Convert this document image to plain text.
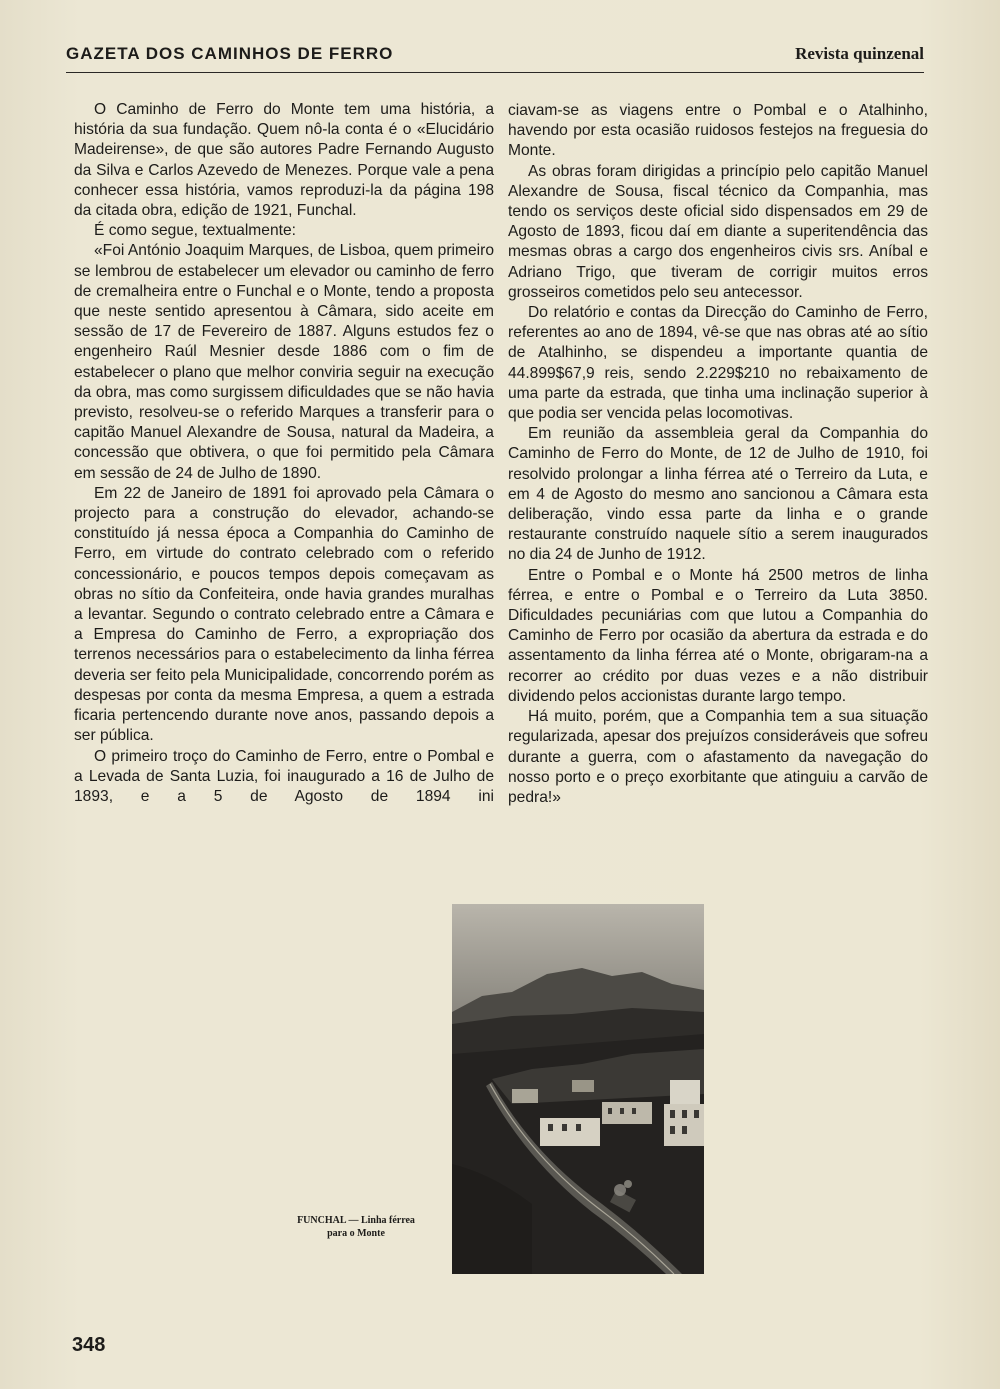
GAZETA DOS CAMINHOS DE FERRO	Revista quinzenal

O Caminho de Ferro do Monte tem uma história, a história da sua fundação. Quem nô-la conta é o «Elucidário Madeirense», de que são autores Padre Fernando Augusto da Silva e Carlos Azevedo de Menezes. Porque vale a pena conhecer essa história, vamos reproduzi-la da página 198 da citada obra, edição de 1921, Funchal.

É como segue, textualmente:

«Foi António Joaquim Marques, de Lisboa, quem primeiro se lembrou de estabelecer um elevador ou caminho de ferro de cremalheira entre o Funchal e o Monte, tendo a proposta que neste sentido apresentou à Câmara, sido aceite em sessão de 17 de Fevereiro de 1887. Alguns estudos fez o engenheiro Raúl Mesnier desde 1886 com o fim de estabelecer o plano que melhor conviria seguir na execução da obra, mas como surgissem dificuldades que se não havia previsto, resolveu-se o referido Marques a transferir para o capitão Manuel Alexandre de Sousa, natural da Madeira, a concessão que obtivera, o que foi permitido pela Câmara em sessão de 24 de Julho de 1890.

Em 22 de Janeiro de 1891 foi aprovado pela Câmara o projecto para a construção do elevador, achando-se constituído já nessa época a Companhia do Caminho de Ferro, em virtude do contrato celebrado com o referido concessionário, e poucos tempos depois começavam as obras no sítio da Confeiteira, onde havia grandes muralhas a levantar. Segundo o contrato celebrado entre a Câmara e a Empresa do Caminho de Ferro, a expropriação dos terrenos necessários para o estabelecimento da linha férrea deveria ser feito pela Municipalidade, concorrendo porém as despesas por conta da mesma Empresa, a quem a estrada ficaria pertencendo durante nove anos, passando depois a ser pública.

O primeiro troço do Caminho de Ferro, entre o Pombal e a Levada de Santa Luzia, foi inaugurado a 16 de Julho de 1893, e a 5 de Agosto de 1894 ini

ciavam-se as viagens entre o Pombal e o Atalhinho, havendo por esta ocasião ruidosos festejos na freguesia do Monte.

As obras foram dirigidas a princípio pelo capitão Manuel Alexandre de Sousa, fiscal técnico da Companhia, mas tendo os serviços deste oficial sido dispensados em 29 de Agosto de 1893, ficou daí em diante a superitendência das mesmas obras a cargo dos engenheiros civis srs. Aníbal e Adriano Trigo, que tiveram de corrigir muitos erros grosseiros cometidos pelo seu antecessor.

Do relatório e contas da Direcção do Caminho de Ferro, referentes ao ano de 1894, vê-se que nas obras até ao sítio de Atalhinho, se dispendeu a importante quantia de 44.899$67,9 reis, sendo 2.229$210 no rebaixamento de uma parte da estrada, que tinha uma inclinação superior à que podia ser vencida pelas locomotivas.

Em reunião da assembleia geral da Companhia do Caminho de Ferro do Monte, de 12 de Julho de 1910, foi resolvido prolongar a linha férrea até o Terreiro da Luta, e em 4 de Agosto do mesmo ano sancionou a Câmara esta deliberação, vindo essa parte da linha e o grande restaurante construído naquele sítio a serem inaugurados no dia 24 de Junho de 1912.

Entre o Pombal e o Monte há 2500 metros de linha férrea, e entre o Pombal e o Terreiro da Luta 3850. Dificuldades pecuniárias com que lutou a Companhia do Caminho de Ferro por ocasião da abertura da estrada e do assentamento da linha férrea até o Monte, obrigaram-na a recorrer ao crédito por duas vezes e a não distribuir dividendo pelos accionistas durante largo tempo.

Há muito, porém, que a Companhia tem a sua situação regularizada, apesar dos prejuízos consideráveis que sofreu durante a guerra, com o afastamento da navegação do nosso porto e o preço exorbitante que atinguiu a carvão de pedra!»

FUNCHAL — Linha férrea
para o Monte
348
